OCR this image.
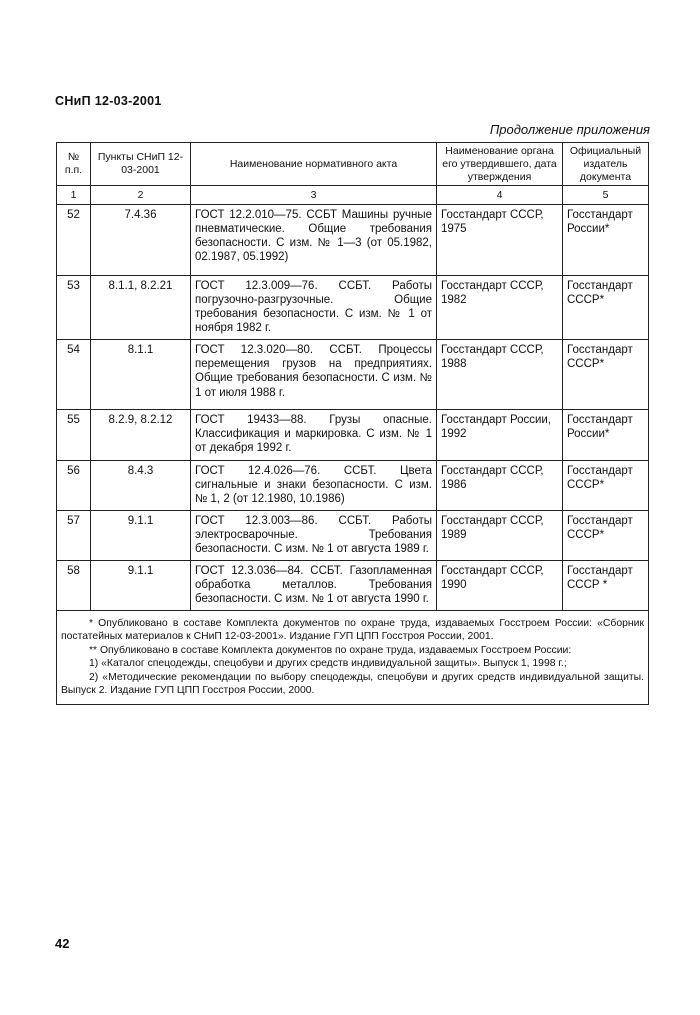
СНиП 12-03-2001
Продолжение приложения
№ п.п.	Пункты СНиП 12-03-2001	Наименование нормативного акта	Наименование органа его утвердившего, дата утверждения	Официальный издатель документа
1	2	3	4	5
52	7.4.36	ГОСТ 12.2.010—75. ССБТ Машины ручные пневматические. Общие требования безопасности. С изм. № 1—3 (от 05.1982, 02.1987, 05.1992)	Госстандарт СССР, 1975	Госстандарт России*
53	8.1.1, 8.2.21	ГОСТ 12.3.009—76. ССБТ. Работы погрузочно-разгрузочные. Общие требования безопасности. С изм. № 1 от ноября 1982 г.	Госстандарт СССР, 1982	Госстандарт СССР*
54	8.1.1	ГОСТ 12.3.020—80. ССБТ. Процессы перемещения грузов на предприятиях. Общие требования безопасности. С изм. № 1 от июля 1988 г.	Госстандарт СССР, 1988	Госстандарт СССР*
55	8.2.9, 8.2.12	ГОСТ 19433—88. Грузы опасные. Классификация и маркировка. С изм. № 1 от декабря 1992 г.	Госстандарт России, 1992	Госстандарт России*
56	8.4.3	ГОСТ 12.4.026—76. ССБТ. Цвета сигнальные и знаки безопасности. С изм. № 1, 2 (от 12.1980, 10.1986)	Госстандарт СССР, 1986	Госстандарт СССР*
57	9.1.1	ГОСТ 12.3.003—86. ССБТ. Работы электросварочные. Требования безопасности. С изм. № 1 от августа 1989 г.	Госстандарт СССР, 1989	Госстандарт СССР*
58	9.1.1	ГОСТ 12.3.036—84. ССБТ. Газопламенная обработка металлов. Требования безопасности. С изм. № 1 от августа 1990 г.	Госстандарт СССР, 1990	Госстандарт СССР *

* Опубликовано в составе Комплекта документов по охране труда, издаваемых Госстроем России: «Сборник постатейных материалов к СНиП 12-03-2001». Издание ГУП ЦПП Госстроя России, 2001.

** Опубликовано в составе Комплекта документов по охране труда, издаваемых Госстроем России:

1) «Каталог спецодежды, спецобуви и других средств индивидуальной защиты». Выпуск 1, 1998 г.;

2) «Методические рекомендации по выбору спецодежды, спецобуви и других средств индивидуальной защиты. Выпуск 2. Издание ГУП ЦПП Госстроя России, 2000.

42
